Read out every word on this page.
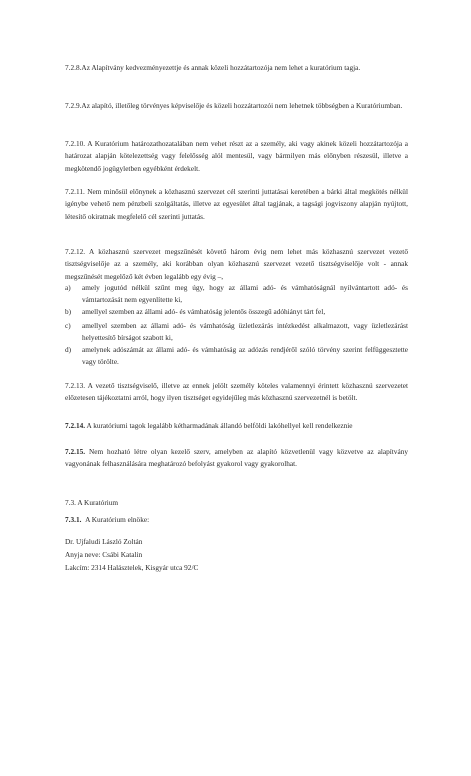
7.2.8.Az Alapítvány kedvezményezettje és annak közeli hozzátartozója nem lehet a kuratórium tagja.

7.2.9.Az alapító, illetőleg törvényes képviselője és közeli hozzátartozói nem lehetnek többségben a Kuratóriumban.

7.2.10. A Kuratórium határozathozatalában nem vehet részt az a személy, aki vagy akinek közeli hozzátartozója a határozat alapján kötelezettség vagy felelősség alól mentesül, vagy bármilyen más előnyben részesül, illetve a megkötendő jogügyletben egyébként érdekelt.

7.2.11. Nem minősül előnynek a közhasznú szervezet cél szerinti juttatásai keretében a bárki által megkötés nélkül igénybe vehető nem pénzbeli szolgáltatás, illetve az egyesület által tagjának, a tagsági jogviszony alapján nyújtott, létesítő okiratnak megfelelő cél szerinti juttatás.

7.2.12. A közhasznú szervezet megszűnését követő három évig nem lehet más közhasznú szervezet vezető tisztségviselője az a személy, aki korábban olyan közhasznú szervezet vezető tisztségviselője volt - annak megszűnését megelőző két évben legalább egy évig –,

a) amely jogutód nélkül szűnt meg úgy, hogy az állami adó- és vámhatóságnál nyilvántartott adó- és vámtartozását nem egyenlítette ki,
b) amellyel szemben az állami adó- és vámhatóság jelentős összegű adóhiányt tárt fel,
c) amellyel szemben az állami adó- és vámhatóság üzletlezárás intézkedést alkalmazott, vagy üzletlezárást helyettesítő bírságot szabott ki,
d) amelynek adószámát az állami adó- és vámhatóság az adózás rendjéről szóló törvény szerint felfüggesztette vagy törölte.

7.2.13. A vezető tisztségviselő, illetve az ennek jelölt személy köteles valamennyi érintett közhasznú szervezetet előzetesen tájékoztatni arról, hogy ilyen tisztséget egyidejűleg más közhasznú szervezetnél is betölt.

7.2.14. A kuratóriumi tagok legalább kétharmadának állandó belföldi lakóhellyel kell rendelkeznie

7.2.15. Nem hozható létre olyan kezelő szerv, amelyben az alapító közvetlenül vagy közvetve az alapítvány vagyonának felhasználására meghatározó befolyást gyakorol vagy gyakorolhat.

7.3. A Kuratórium
7.3.1. A Kuratórium elnöke:
Dr. Ujfaludi László Zoltán
Anyja neve: Csábi Katalin
Lakcím: 2314 Halásztelek, Kisgyár utca 92/C
